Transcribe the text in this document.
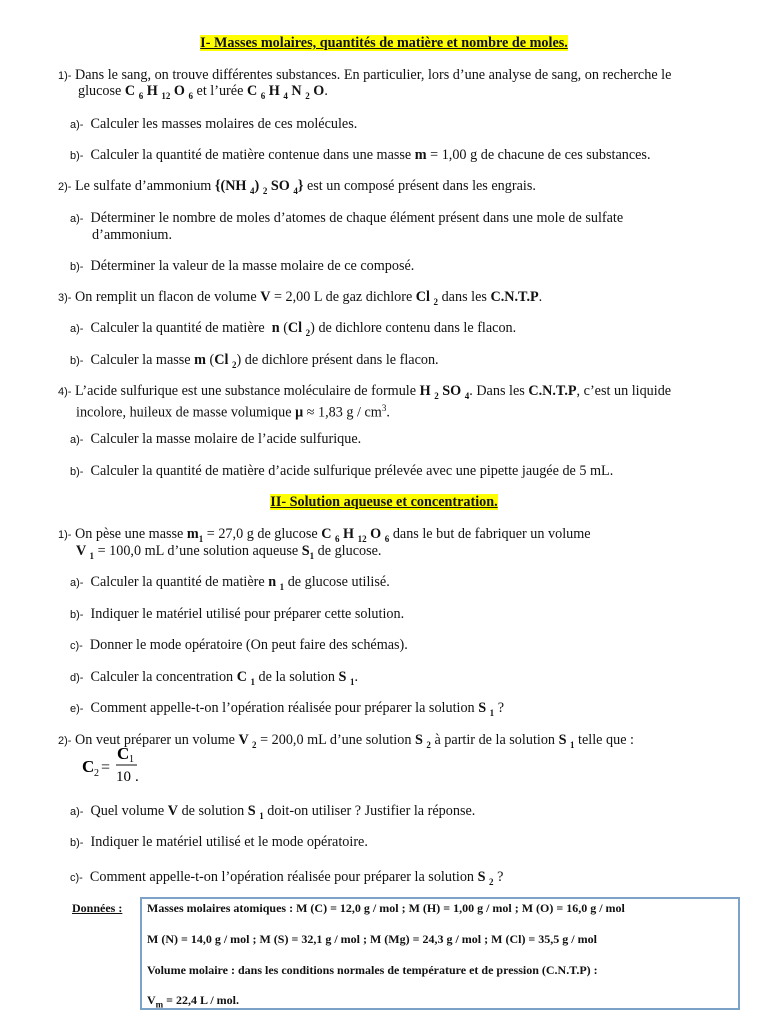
I- Masses molaires, quantités de matière et nombre de moles.
1)- Dans le sang, on trouve différentes substances. En particulier, lors d’une analyse de sang, on recherche le
glucose C $_6$ H $_{12}$ O $_6$ et l’urée C $_6$ H $_4$ N $_2$ O.
a)- Calculer les masses molaires de ces molécules.
b)- Calculer la quantité de matière contenue dans une masse m = 1,00 g de chacune de ces substances.
2)- Le sulfate d’ammonium {(NH $_4$) $_2$ SO $_4$} est un composé présent dans les engrais.
a)- Déterminer le nombre de moles d’atomes de chaque élément présent dans une mole de sulfate
d’ammonium.
b)- Déterminer la valeur de la masse molaire de ce composé.
3)- On remplit un flacon de volume V = 2,00 L de gaz dichlore Cl $_2$ dans les C.N.T.P.
a)- Calculer la quantité de matière n (Cl $_2$) de dichlore contenu dans le flacon.
b)- Calculer la masse m (Cl $_2$) de dichlore présent dans le flacon.
4)- L’acide sulfurique est une substance moléculaire de formule H $_2$ SO $_4$. Dans les C.N.T.P, c’est un liquide
incolore, huileux de masse volumique μ ≈ 1,83 g / $cm^3$.
a)- Calculer la masse molaire de l’acide sulfurique.
b)- Calculer la quantité de matière d’acide sulfurique prélevée avec une pipette jaugée de 5 mL.
II- Solution aqueuse et concentration.
1)- On pèse une masse $m_1 = 27,0$ g de glucose C $_6$ H $_{12}$ O $_6$ dans le but de fabriquer un volume
V $_1$ = 100,0 mL d’une solution aqueuse $S_1$ de glucose.
a)- Calculer la quantité de matière n $_1$ de glucose utilisé.
b)- Indiquer le matériel utilisé pour préparer cette solution.
c)- Donner le mode opératoire (On peut faire des schémas).
d)- Calculer la concentration C $_1$ de la solution S $_1$.
e)- Comment appelle-t-on l’opération réalisée pour préparer la solution S $_1$ ?
2)- On veut préparer un volume V $_2$ = 200,0 mL d’une solution S $_2$ à partir de la solution S $_1$ telle que :
C 2 =
C 1
10 .
a)- Quel volume V de solution S $_1$ doit-on utiliser ? Justifier la réponse.
b)- Indiquer le matériel utilisé et le mode opératoire.
c)- Comment appelle-t-on l’opération réalisée pour préparer la solution S $_2$ ?
Données : Masses molaires atomiques : M (C) = 12,0 g / mol ; M (H) = 1,00 g / mol ; M (O) = 16,0 g / mol
M (N) = 14,0 g / mol ; M (S) = 32,1 g / mol ; M (Mg) = 24,3 g / mol ; M (Cl) = 35,5 g / mol
Volume molaire : dans les conditions normales de température et de pression (C.N.T.P) :
$V_m = 22,4$ L / mol.
